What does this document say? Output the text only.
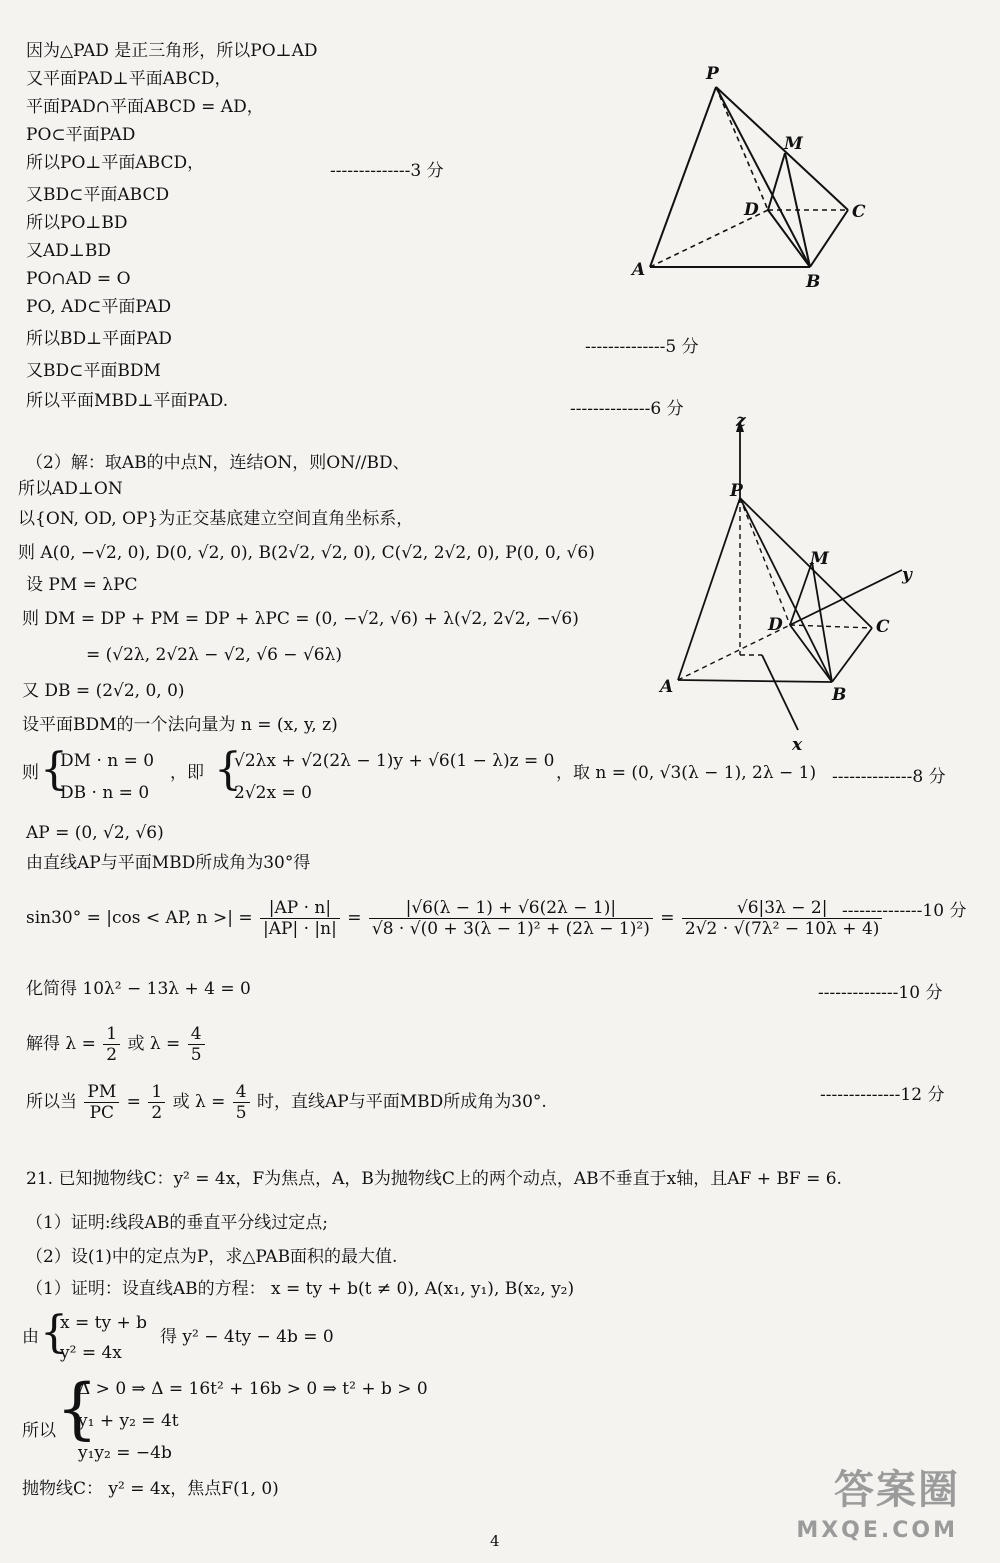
因为△PAD 是正三角形，所以PO⊥AD
又平面PAD⊥平面ABCD，
平面PAD∩平面ABCD = AD，
PO⊂平面PAD
所以PO⊥平面ABCD，
又BD⊂平面ABCD
所以PO⊥BD
又AD⊥BD
PO∩AD = O
PO, AD⊂平面PAD
所以BD⊥平面PAD
又BD⊂平面BDM
所以平面MBD⊥平面PAD.
--------------3 分
--------------5 分
--------------6 分
P
M
D	C
A
B
（2）解：取AB的中点N，连结ON，则ON//BD、
所以AD⊥ON
以{ON, OD, OP}为正交基底建立空间直角坐标系，
则 A(0, −√2, 0), D(0, √2, 0), B(2√2, √2, 0), C(√2, 2√2, 0), P(0, 0, √6)
设 PM = λPC
则 DM = DP + PM = DP + λPC = (0, −√2, √6) + λ(√2, 2√2, −√6)
= (√2λ, 2√2λ − √2, √6 − √6λ)
又 DB = (2√2, 0, 0)
设平面BDM的一个法向量为 n = (x, y, z)
则 {
DM · n = 0
DB · n = 0
，即 {
√2λx + √2(2λ − 1)y + √6(1 − λ)z = 0
2√2x = 0
，取 n = (0, √3(λ − 1), 2λ − 1) --------------8 分
AP = (0, √2, √6)
由直线AP与平面MBD所成角为30°得
sin30° = |cos < AP, n >| = $\frac{|AP \cdot n|}{|AP| \cdot |n|} = \frac{|√6(\lambda - 1) + √6(2\lambda - 1)|}{\text{√8 · √(0 + 3(λ − 1)² + (2λ − 1)²)}} = \frac{√6|3\lambda - 2|}{\text{2√2 · √(7λ² − 10λ + 4)}}$
--------------10 分
化简得 10λ² − 13λ + 4 = 0	--------------10 分
解得 $\lambda = \frac{1}{2}$ 或 $\lambda = \frac{4}{5}$
所以当 $\frac{PM}{PC} = \frac{1}{2}$ 或 $\lambda = \frac{4}{5}$ 时，直线AP与平面MBD所成角为30°.	--------------12 分
z
P
M
y
D	C
A	B
x
21. 已知抛物线C：y² = 4x，F为焦点，A，B为抛物线C上的两个动点，AB不垂直于x轴，且AF + BF = 6.
（1）证明:线段AB的垂直平分线过定点;
（2）设(1)中的定点为P，求△PAB面积的最大值.
（1）证明：设直线AB的方程： x = ty + b(t ≠ 0), A(x₁, y₁), B(x₂, y₂)
由 {
x = ty + b
y² = 4x
得 y² − 4ty − 4b = 0
所以 {
Δ > 0 ⇒ Δ = 16t² + 16b > 0 ⇒ t² + b > 0
y₁ + y₂ = 4t
y₁y₂ = −4b
抛物线C： y² = 4x，焦点F(1, 0)
4
答案圈
MXQE.COM
